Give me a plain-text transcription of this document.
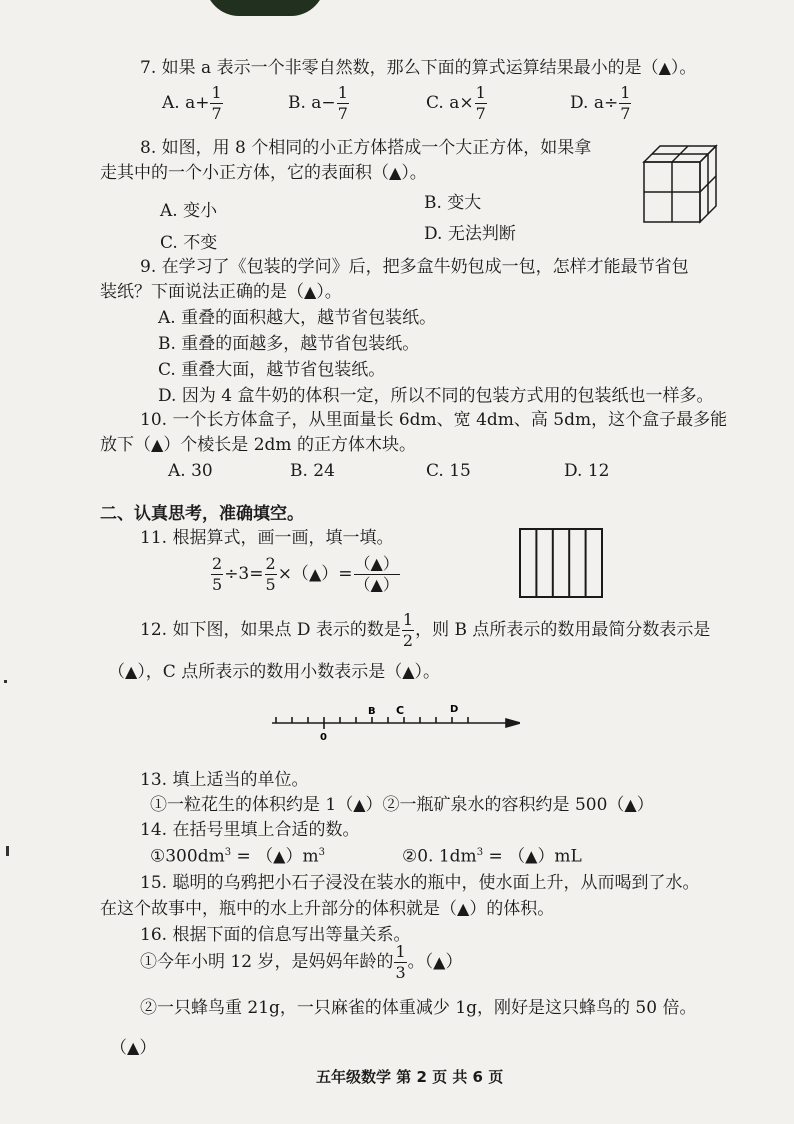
7. 如果 a 表示一个非零自然数，那么下面的算式运算结果最小的是（▲）。
A. $a+ \frac{1}{7}$	B. $a- \frac{1}{7}$	C. $a\times \frac{1}{7}$	D. $a\div \frac{1}{7}$
8. 如图，用 8 个相同的小正方体搭成一个大正方体，如果拿
走其中的一个小正方体，它的表面积（▲）。
A. 变小	B. 变大
C. 不变	D. 无法判断
9. 在学习了《包装的学问》后，把多盒牛奶包成一包，怎样才能最节省包
装纸？下面说法正确的是（▲）。
A. 重叠的面积越大，越节省包装纸。
B. 重叠的面越多，越节省包装纸。
C. 重叠大面，越节省包装纸。
D. 因为 4 盒牛奶的体积一定，所以不同的包装方式用的包装纸也一样多。
10. 一个长方体盒子，从里面量长 6dm、宽 4dm、高 5dm，这个盒子最多能
放下（▲）个棱长是 2dm 的正方体木块。
A. 30	B. 24	C. 15	D. 12
二、认真思考，准确填空。
11. 根据算式，画一画，填一填。
$\frac{2}{5} \div 3= \frac{2}{5}$ ×（▲）= $\frac{(▲)}{(▲)}$
12. 如下图，如果点 D 表示的数是 $\frac{1}{2}$ ，则 B 点所表示的数用最简分数表示是
（▲），C 点所表示的数用小数表示是（▲）。
0
B C	D
13. 填上适当的单位。
①一粒花生的体积约是 1（▲）②一瓶矿泉水的容积约是 500（▲）
14. 在括号里填上合适的数。
$①300dm^3$ = $(▲)m^3$	②0. $1dm^3$ = （▲）mL
15. 聪明的乌鸦把小石子浸没在装水的瓶中，使水面上升，从而喝到了水。
在这个故事中，瓶中的水上升部分的体积就是（▲）的体积。
16. 根据下面的信息写出等量关系。
①今年小明 12 岁，是妈妈年龄的 $\frac{1}{3}$ 。（▲）
②一只蜂鸟重 21g，一只麻雀的体重减少 1g，刚好是这只蜂鸟的 50 倍。
（▲）
五年级数学 第 2 页 共 6 页
